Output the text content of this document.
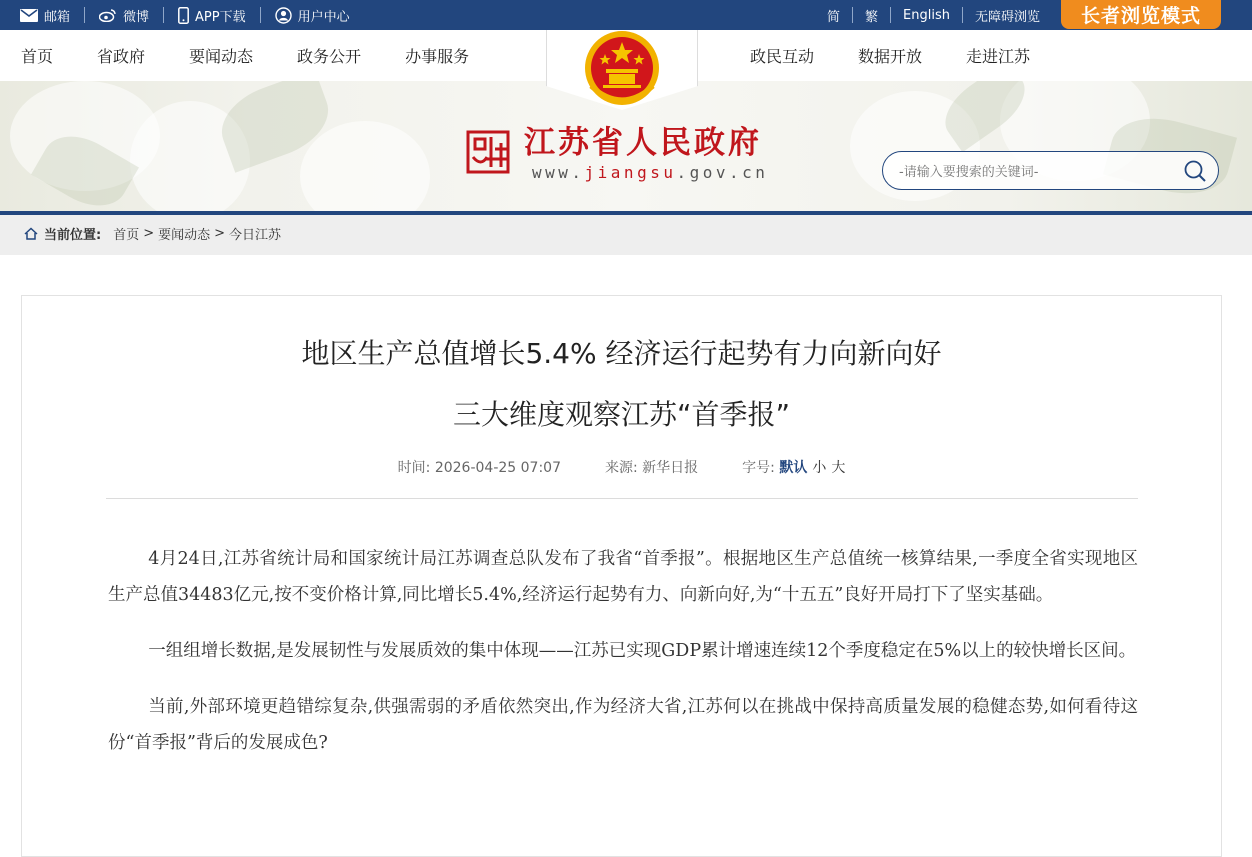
邮箱	微博	APP下载	用户中心	简 繁 English 无障碍浏览	长者浏览模式
首页	省政府	要闻动态	政务公开	办事服务	政民互动	数据开放	走进江苏
江苏省人民政府
www.jiangsu.gov.cn
-请输入要搜索的关键词-
当前位置: 首页 > 要闻动态 > 今日江苏
地区生产总值增长5.4% 经济运行起势有力向新向好
三大维度观察江苏“首季报”
时间: 2026-04-25 07:07	来源: 新华日报	字号: 默认 小 大

4月24日,江苏省统计局和国家统计局江苏调查总队发布了我省“首季报”。根据地区生产总值统一核算结果,一季度全省实现地区生产总值34483亿元,按不变价格计算,同比增长5.4%,经济运行起势有力、向新向好,为“十五五”良好开局打下了坚实基础。

一组组增长数据,是发展韧性与发展质效的集中体现——江苏已实现GDP累计增速连续12个季度稳定在5%以上的较快增长区间。

当前,外部环境更趋错综复杂,供强需弱的矛盾依然突出,作为经济大省,江苏何以在挑战中保持高质量发展的稳健态势,如何看待这份“首季报”背后的发展成色?
